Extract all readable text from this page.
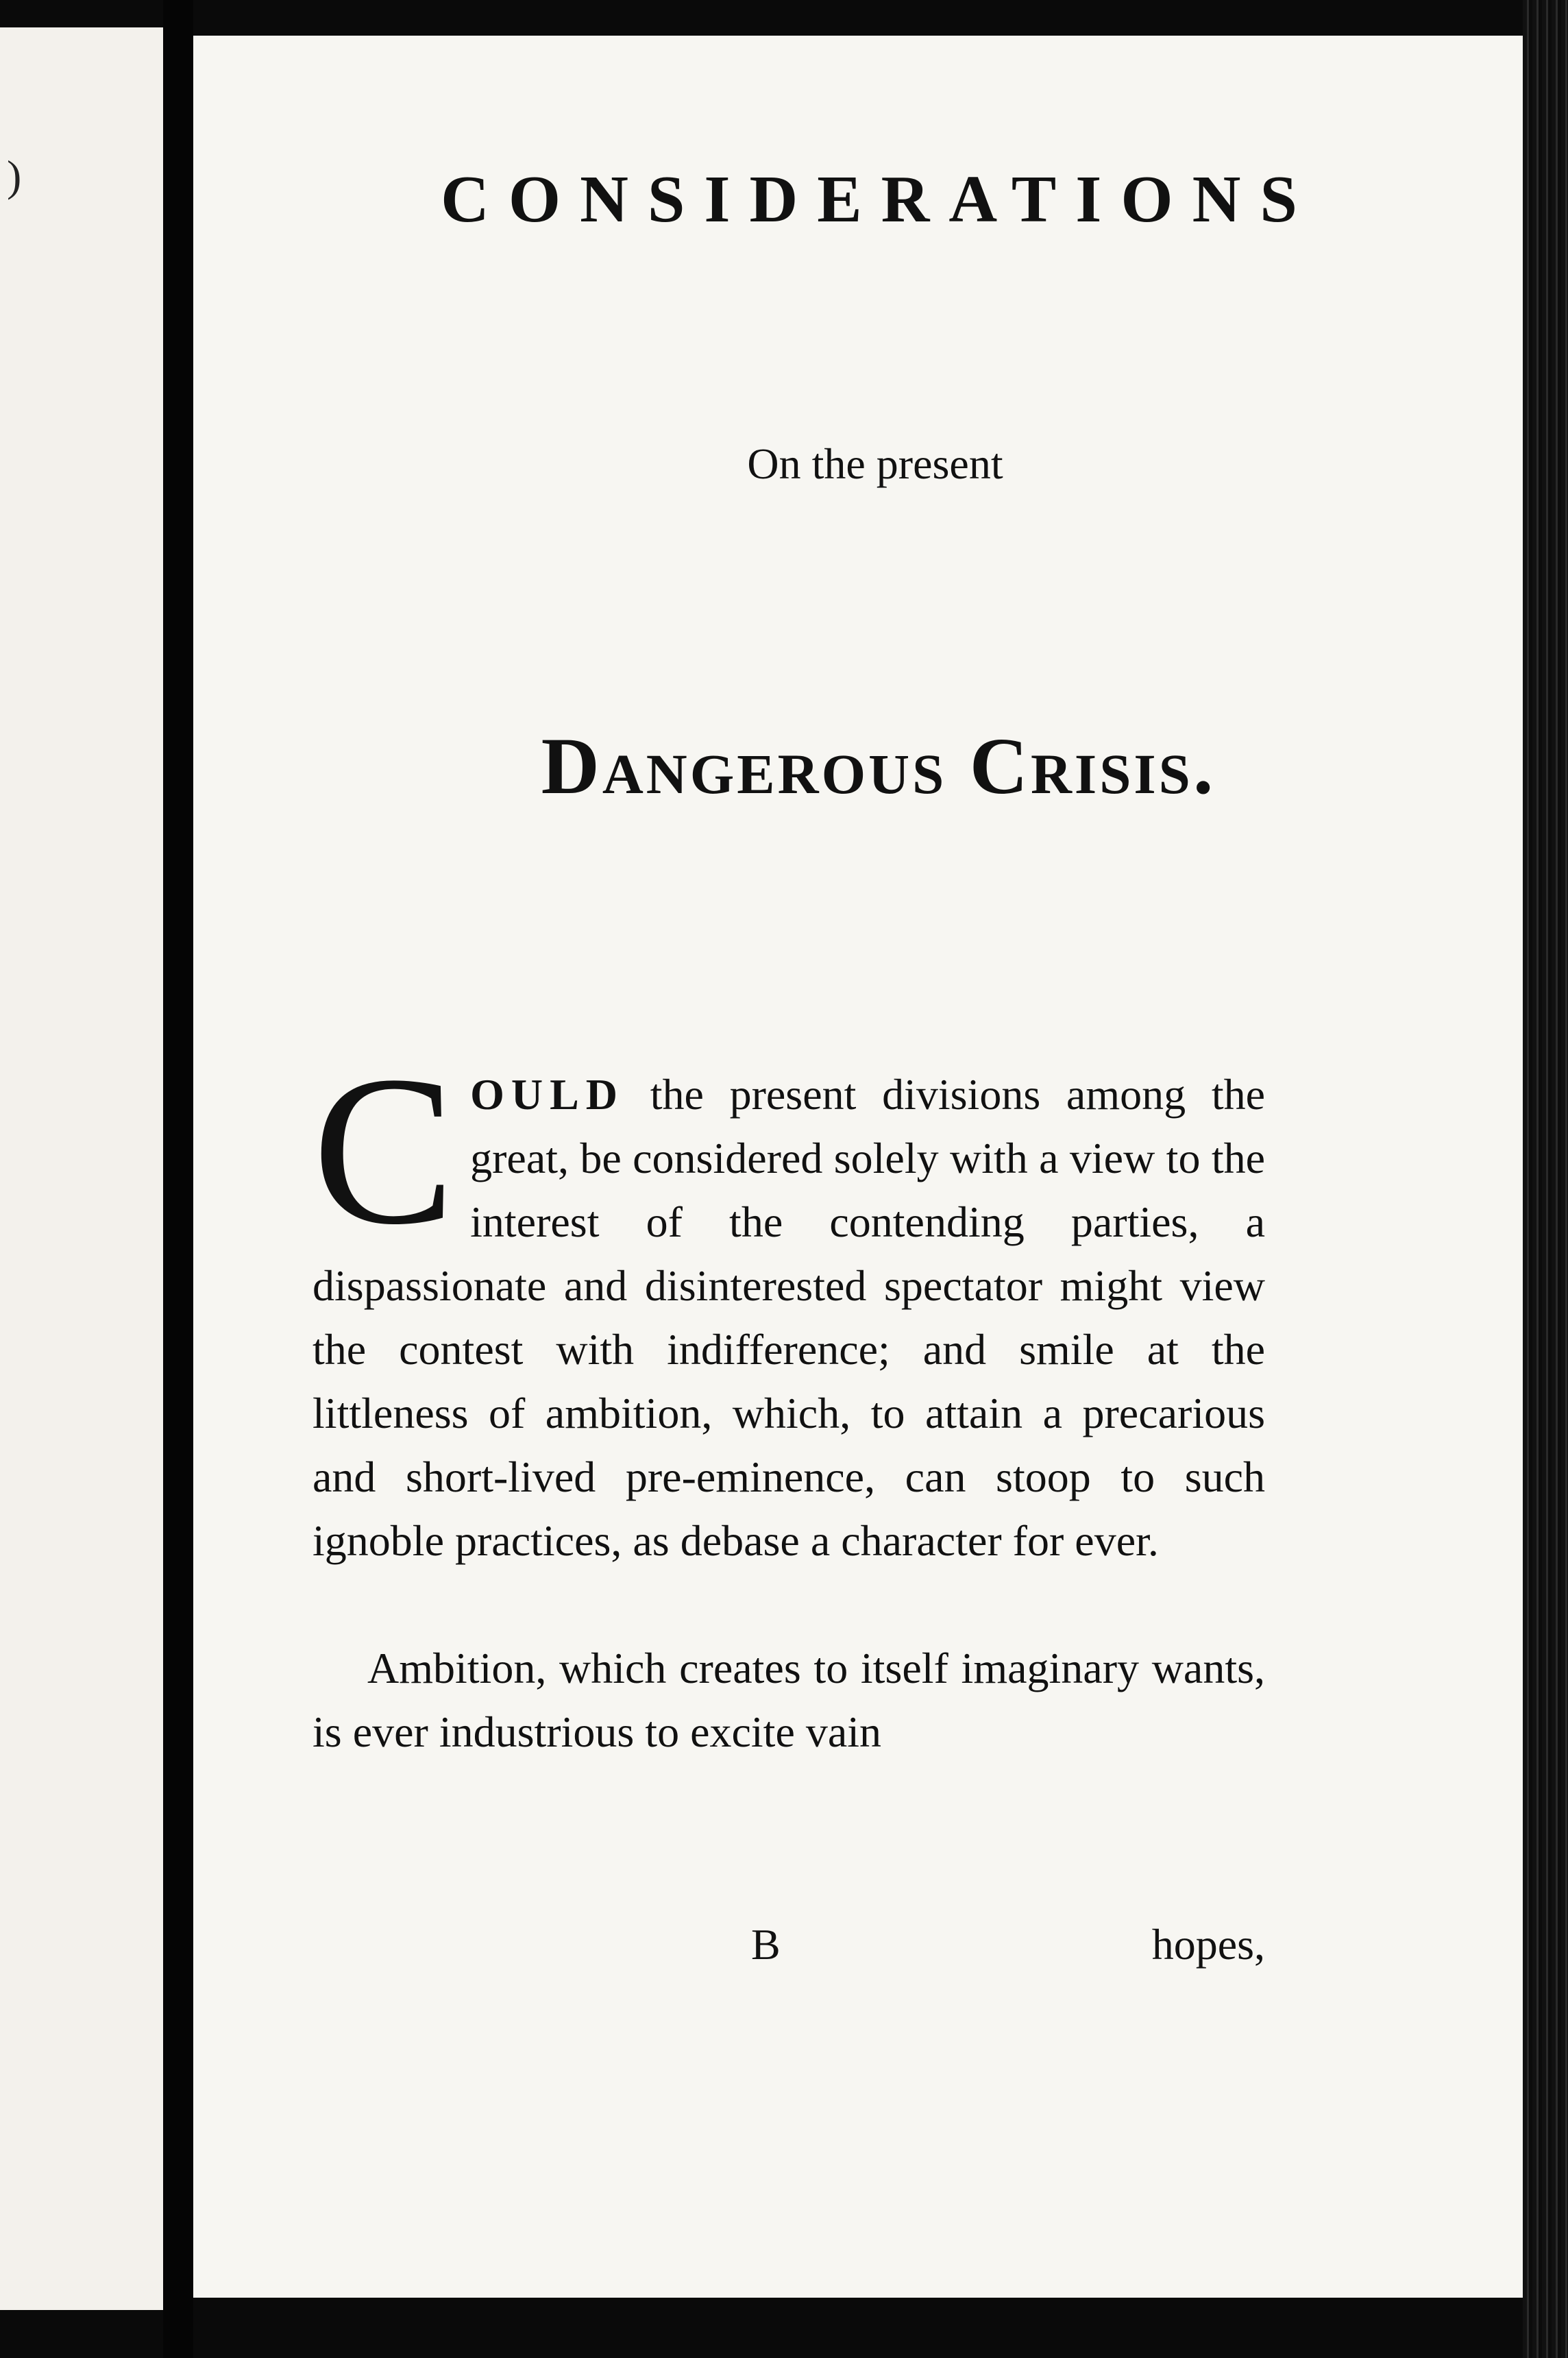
)	CONSIDERATIONS
On the present
Dangerous Crisis.

COULD the present divisions among the great, be considered solely with a view to the interest of the contending parties, a dispassionate and disinterested spectator might view the contest with indifference; and smile at the littleness of ambition, which, to attain a precarious and short-lived pre-eminence, can stoop to such ignoble practices, as debase a character for ever.

Ambition, which creates to itself imaginary wants, is ever industrious to excite vain

B	hopes,
